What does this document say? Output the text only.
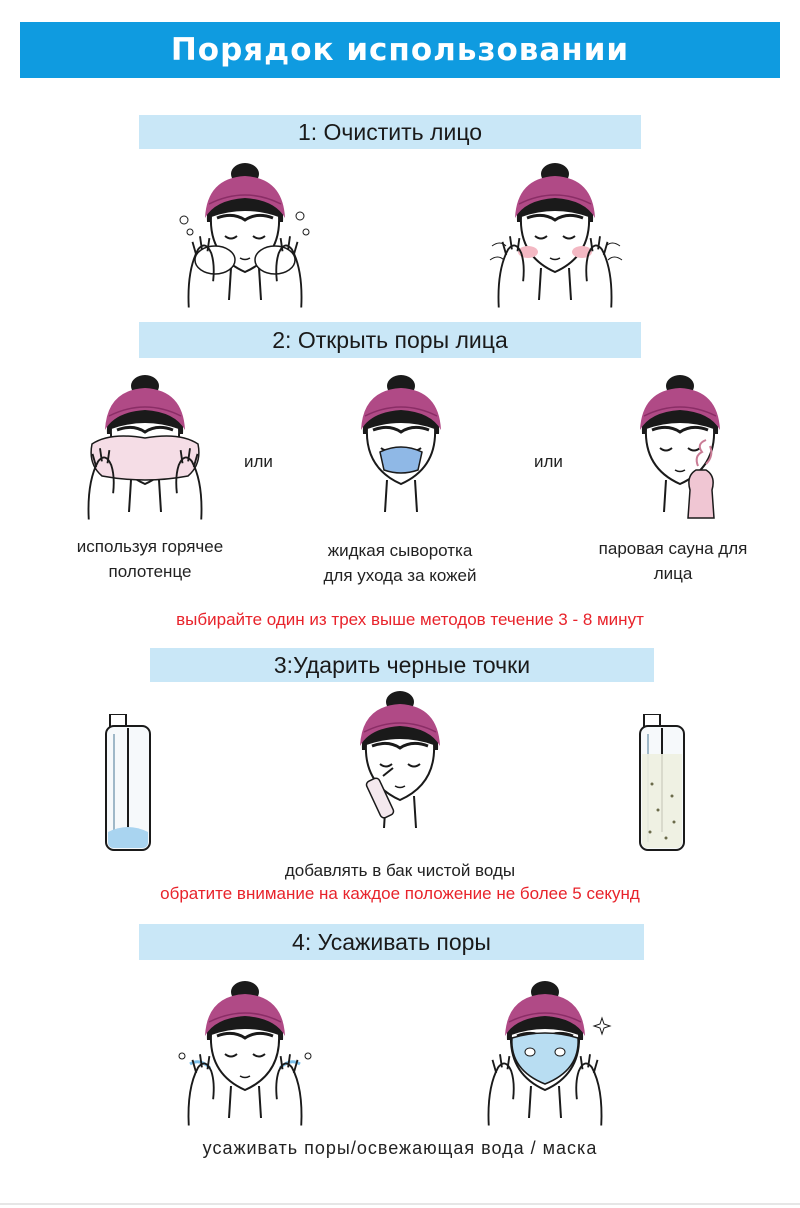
Порядок использовании
1: Очистить лицо
2: Открыть поры лица
или	или
используя горячее
полотенце
жидкая сыворотка
для ухода за кожей
паровая сауна для
лица
выбирайте один из трех выше методов течение 3 - 8 минут
3:Ударить черные точки
добавлять в бак чистой воды
обратите внимание на каждое положение не более 5 секунд
4: Усаживать поры
усаживать поры/освежающая вода / маска
